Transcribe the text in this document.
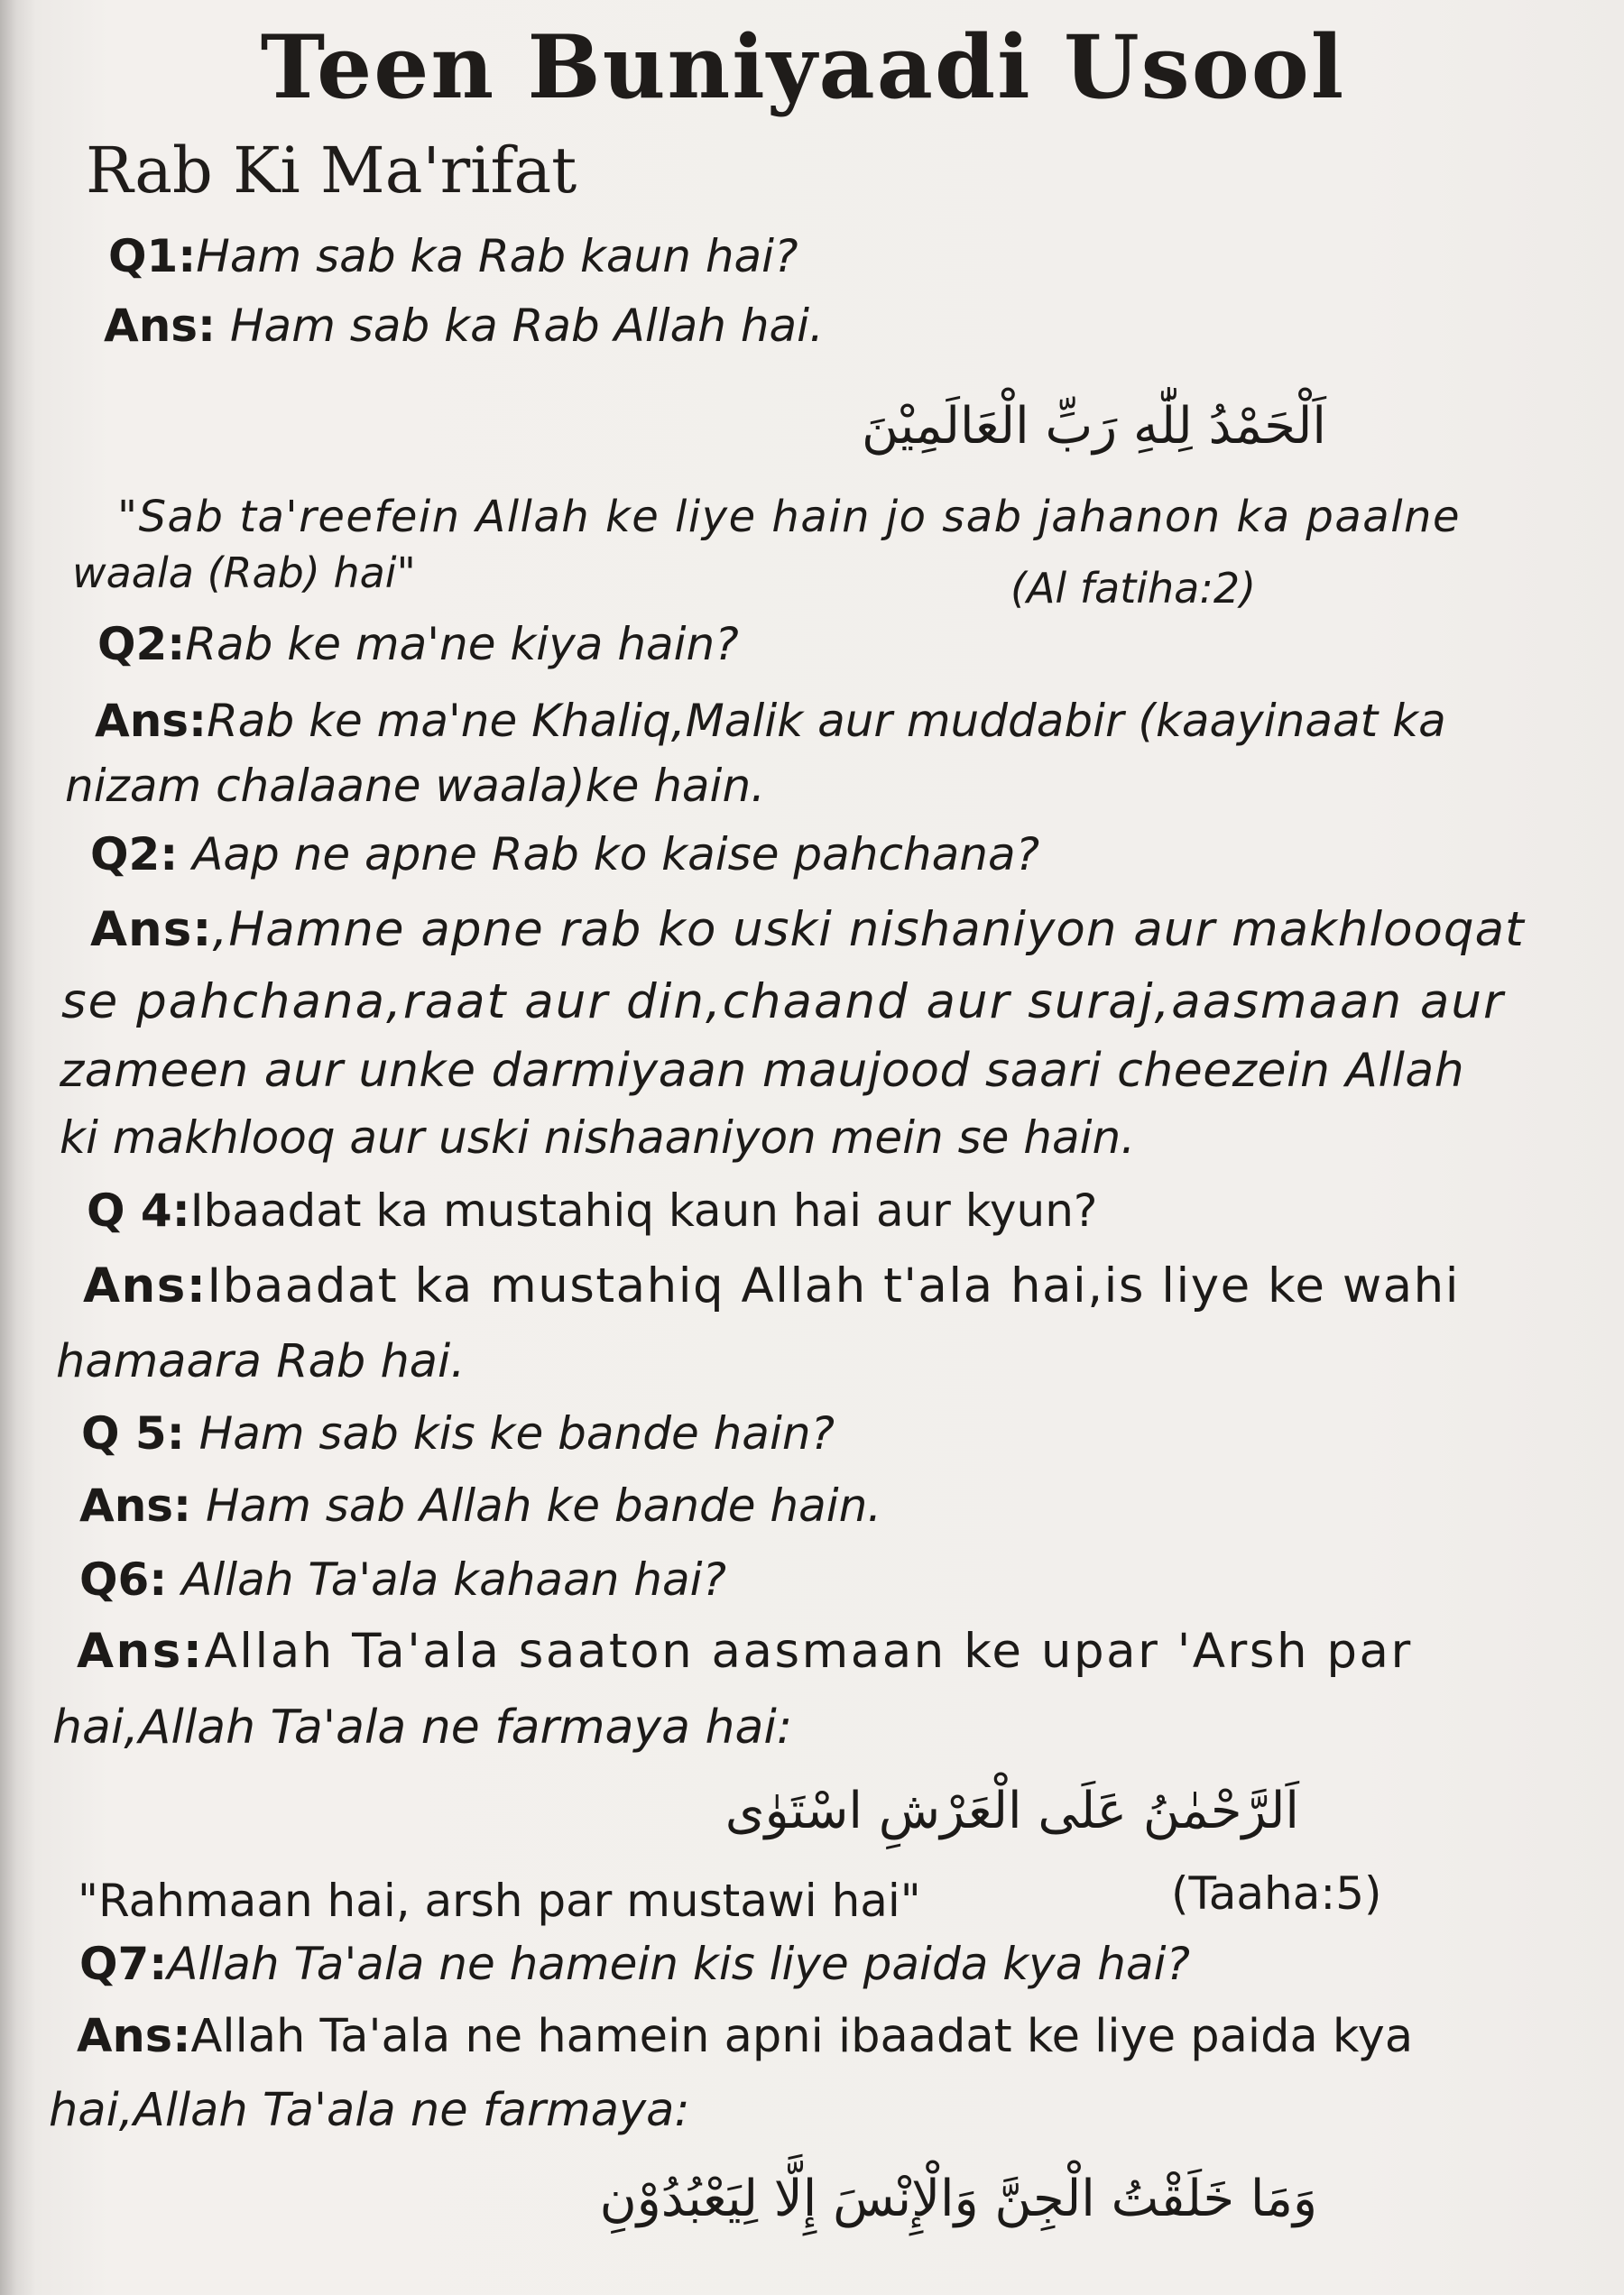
Teen Buniyaadi Usool
Rab Ki Ma'rifat
Q1:Ham sab ka Rab kaun hai?
Ans: Ham sab ka Rab Allah hai.
اَلْحَمْدُ لِلّٰهِ رَبِّ الْعَالَمِيْنَ
"Sab ta'reefein Allah ke liye hain jo sab jahanon ka paalne
waala (Rab) hai"	(Al fatiha:2)
Q2:Rab ke ma'ne kiya hain?
Ans:Rab ke ma'ne Khaliq,Malik aur muddabir (kaayinaat ka
nizam chalaane waala)ke hain.
Q2: Aap ne apne Rab ko kaise pahchana?
Ans:,Hamne apne rab ko uski nishaniyon aur makhlooqat
se pahchana,raat aur din,chaand aur suraj,aasmaan aur
zameen aur unke darmiyaan maujood saari cheezein Allah
ki makhlooq aur uski nishaaniyon mein se hain.
Q 4:Ibaadat ka mustahiq kaun hai aur kyun?
Ans:Ibaadat ka mustahiq Allah t'ala hai,is liye ke wahi
hamaara Rab hai.
Q 5: Ham sab kis ke bande hain?
Ans: Ham sab Allah ke bande hain.
Q6: Allah Ta'ala kahaan hai?
Ans:Allah Ta'ala saaton aasmaan ke upar 'Arsh par
hai,Allah Ta'ala ne farmaya hai:
اَلرَّحْمٰنُ عَلَى الْعَرْشِ اسْتَوٰى
"Rahmaan hai, arsh par mustawi hai"	(Taaha:5)
Q7:Allah Ta'ala ne hamein kis liye paida kya hai?
Ans:Allah Ta'ala ne hamein apni ibaadat ke liye paida kya
hai,Allah Ta'ala ne farmaya:
وَمَا خَلَقْتُ الْجِنَّ وَالْإِنْسَ إِلَّا لِيَعْبُدُوْنِ
